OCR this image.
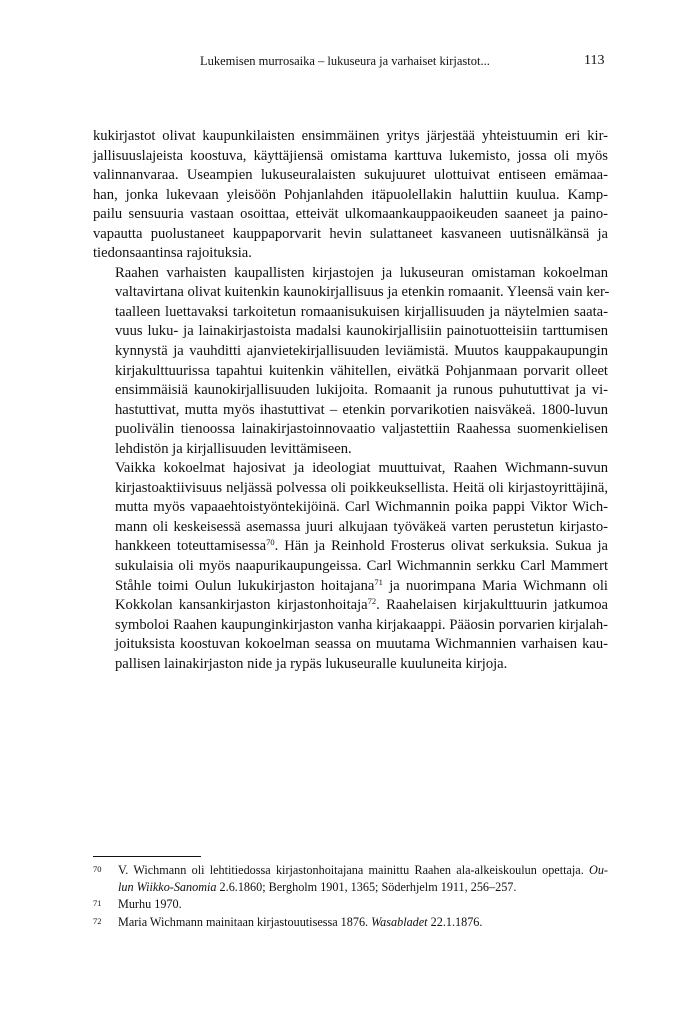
Lukemisen murrosaika – lukuseura ja varhaiset kirjastot...	113

kukirjastot olivat kaupunkilaisten ensimmäinen yritys järjestää yhteistuumin eri kir-
jallisuuslajeista koostuva, käyttäjiensä omistama karttuva lukemisto, jossa oli myös
valinnanvaraa. Useampien lukuseuralaisten sukujuuret ulottuivat entiseen emämaa-
han, jonka lukevaan yleisöön Pohjanlahden itäpuolellakin haluttiin kuulua. Kamp-
pailu sensuuria vastaan osoittaa, etteivät ulkomaankauppaoikeuden saaneet ja paino-
vapautta puolustaneet kauppaporvarit hevin sulattaneet kasvaneen uutisnälkänsä ja
tiedonsaantinsa rajoituksia.

Raahen varhaisten kaupallisten kirjastojen ja lukuseuran omistaman kokoelman
valtavirtana olivat kuitenkin kaunokirjallisuus ja etenkin romaanit. Yleensä vain ker-
taalleen luettavaksi tarkoitetun romaanisukuisen kirjallisuuden ja näytelmien saata-
vuus luku- ja lainakirjastoista madalsi kaunokirjallisiin painotuotteisiin tarttumisen
kynnystä ja vauhditti ajanvietekirjallisuuden leviämistä. Muutos kauppakaupungin
kirjakulttuurissa tapahtui kuitenkin vähitellen, eivätkä Pohjanmaan porvarit olleet
ensimmäisiä kaunokirjallisuuden lukijoita. Romaanit ja runous puhututtivat ja vi-
hastuttivat, mutta myös ihastuttivat – etenkin porvarikotien naisväkeä. 1800-luvun
puolivälin tienoossa lainakirjastoinnovaatio valjastettiin Raahessa suomenkielisen
lehdistön ja kirjallisuuden levittämiseen.

Vaikka kokoelmat hajosivat ja ideologiat muuttuivat, Raahen Wichmann-suvun
kirjastoaktiivisuus neljässä polvessa oli poikkeuksellista. Heitä oli kirjastoyrittäjinä,
mutta myös vapaaehtoistyöntekijöinä. Carl Wichmannin poika pappi Viktor Wich-
mann oli keskeisessä asemassa juuri alkujaan työväkeä varten perustetun kirjasto-
hankkeen toteuttamisessa$^{70}$. Hän ja Reinhold Frosterus olivat serkuksia. Sukua ja
sukulaisia oli myös naapurikaupungeissa. Carl Wichmannin serkku Carl Mammert
Ståhle toimi Oulun lukukirjaston hoitajana$^{71}$ ja nuorimpana Maria Wichmann oli
Kokkolan kansankirjaston kirjastonhoitaja$^{72}$. Raahelaisen kirjakulttuurin jatkumoa
symboloi Raahen kaupunginkirjaston vanha kirjakaappi. Pääosin porvarien kirjalah-
joituksista koostuvan kokoelman seassa on muutama Wichmannien varhaisen kau-
pallisen lainakirjaston nide ja rypäs lukuseuralle kuuluneita kirjoja.

70 V. Wichmann oli lehtitiedossa kirjastonhoitajana mainittu Raahen ala-alkeiskoulun opettaja. Ou-
lun Wiikko-Sanomia 2.6.1860; Bergholm 1901, 1365; Söderhjelm 1911, 256–257.
71 Murhu 1970.
72 Maria Wichmann mainitaan kirjastouutisessa 1876. Wasabladet 22.1.1876.
